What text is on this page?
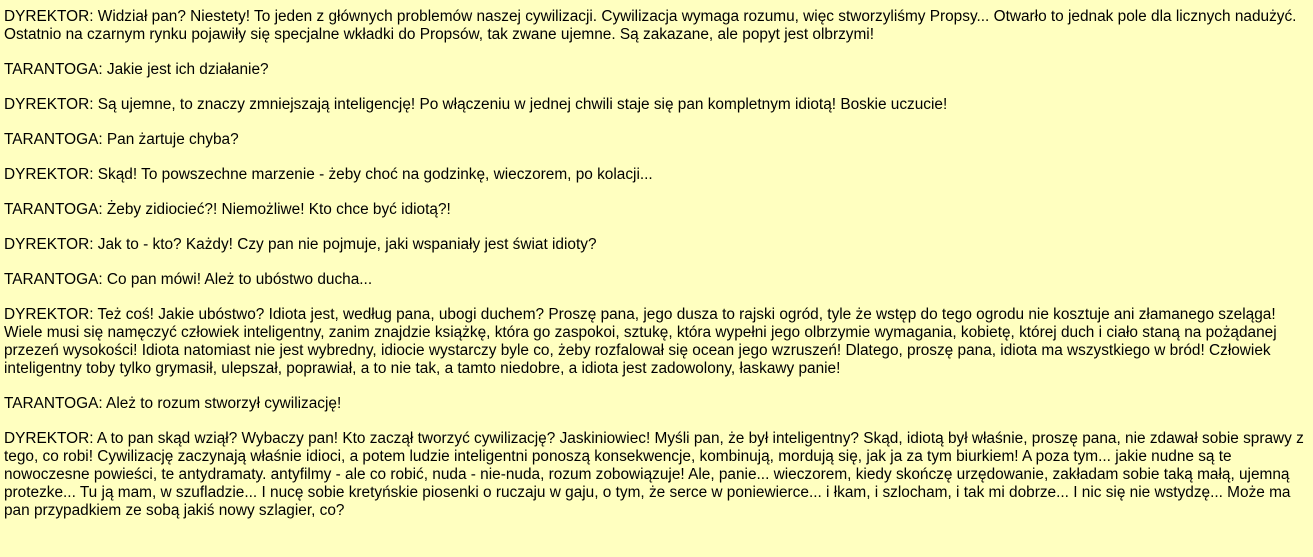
DYREKTOR: Widział pan? Niestety! To jeden z głównych problemów naszej cywilizacji. Cywilizacja wymaga rozumu, więc stworzyliśmy Propsy... Otwarło to jednak pole dla licznych nadużyć. Ostatnio na czarnym rynku pojawiły się specjalne wkładki do Propsów, tak zwane ujemne. Są zakazane, ale popyt jest olbrzymi!

TARANTOGA: Jakie jest ich działanie?

DYREKTOR: Są ujemne, to znaczy zmniejszają inteligencję! Po włączeniu w jednej chwili staje się pan kompletnym idiotą! Boskie uczucie!

TARANTOGA: Pan żartuje chyba?

DYREKTOR: Skąd! To powszechne marzenie - żeby choć na godzinkę, wieczorem, po kolacji...

TARANTOGA: Żeby zidiocieć?! Niemożliwe! Kto chce być idiotą?!

DYREKTOR: Jak to - kto? Każdy! Czy pan nie pojmuje, jaki wspaniały jest świat idioty?

TARANTOGA: Co pan mówi! Ależ to ubóstwo ducha...

DYREKTOR: Też coś! Jakie ubóstwo? Idiota jest, według pana, ubogi duchem? Proszę pana, jego dusza to rajski ogród, tyle że wstęp do tego ogrodu nie kosztuje ani złamanego szeląga! Wiele musi się namęczyć człowiek inteligentny, zanim znajdzie książkę, która go zaspokoi, sztukę, która wypełni jego olbrzymie wymagania, kobietę, której duch i ciało staną na pożądanej przezeń wysokości! Idiota natomiast nie jest wybredny, idiocie wystarczy byle co, żeby rozfalował się ocean jego wzruszeń! Dlatego, proszę pana, idiota ma wszystkiego w bród! Człowiek inteligentny toby tylko grymasił, ulepszał, poprawiał, a to nie tak, a tamto niedobre, a idiota jest zadowolony, łaskawy panie!

TARANTOGA: Ależ to rozum stworzył cywilizację!

DYREKTOR: A to pan skąd wziął? Wybaczy pan! Kto zaczął tworzyć cywilizację? Jaskiniowiec! Myśli pan, że był inteligentny? Skąd, idiotą był właśnie, proszę pana, nie zdawał sobie sprawy z tego, co robi! Cywilizację zaczynają właśnie idioci, a potem ludzie inteligentni ponoszą konsekwencje, kombinują, mordują się, jak ja za tym biurkiem! A poza tym... jakie nudne są te nowoczesne powieści, te antydramaty. antyfilmy - ale co robić, nuda - nie-nuda, rozum zobowiązuje! Ale, panie... wieczorem, kiedy skończę urzędowanie, zakładam sobie taką małą, ujemną protezke... Tu ją mam, w szufladzie... I nucę sobie kretyńskie piosenki o ruczaju w gaju, o tym, że serce w poniewierce... i łkam, i szlocham, i tak mi dobrze... I nic się nie wstydzę... Może ma pan przypadkiem ze sobą jakiś nowy szlagier, co?
